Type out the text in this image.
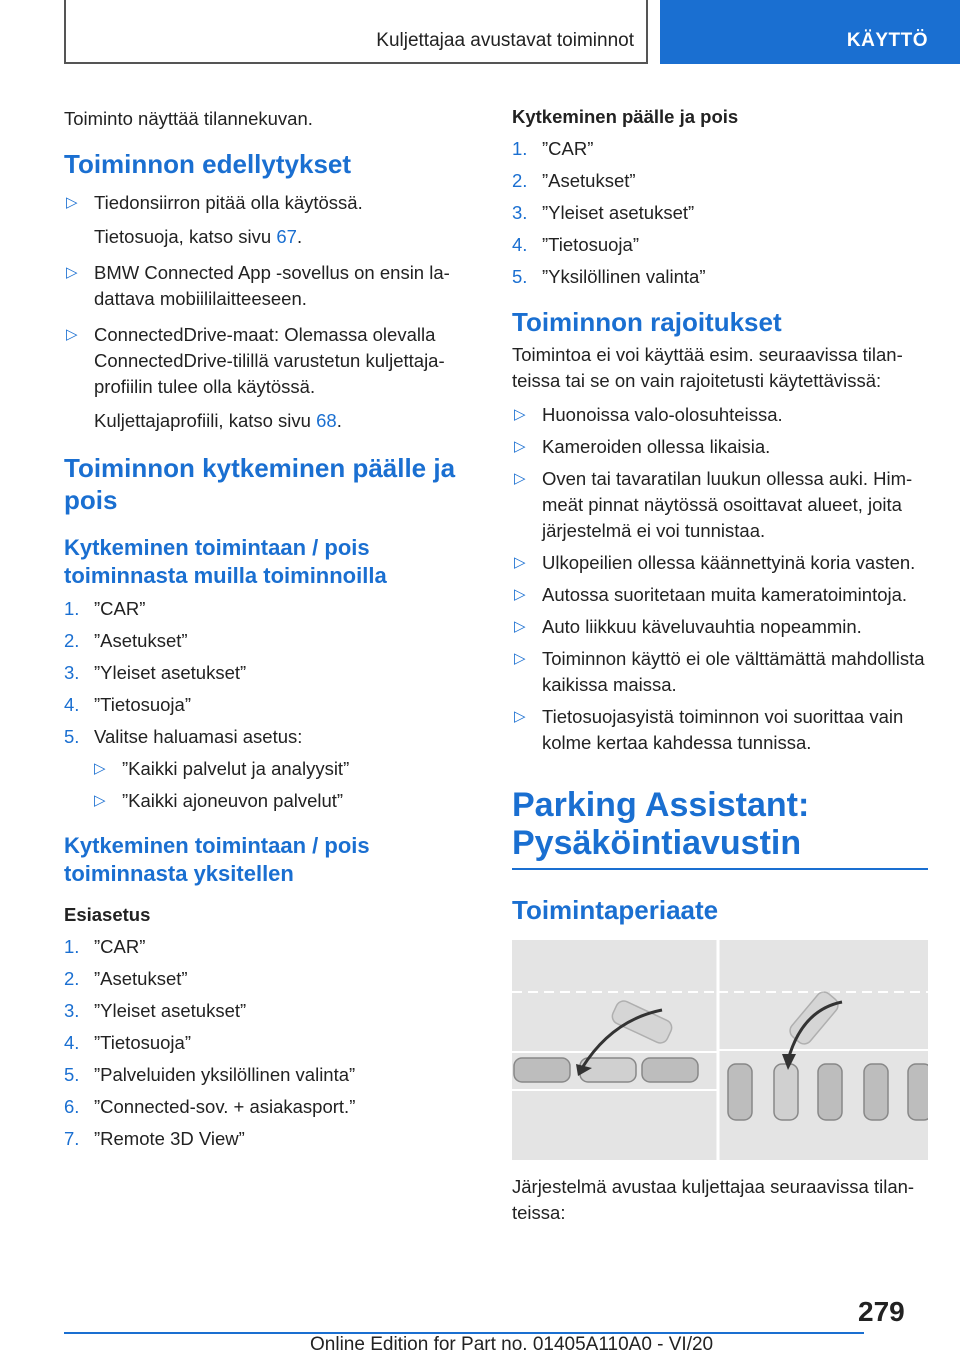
Kuljettajaa avustavat toiminnot	KÄYTTÖ

Toiminto näyttää tilannekuvan.

Toiminnon edellytykset

▷ Tiedonsiirron pitää olla käytössä.

Tietosuoja, katso sivu 67.

▷ BMW Connected App -sovellus on ensin ladattava mobiililaitteeseen.
▷ ConnectedDrive-maat: Olemassa olevalla ConnectedDrive-tilillä varustetun kuljettajaprofiilin tulee olla käytössä.

Kuljettajaprofiili, katso sivu 68.

Toiminnon kytkeminen päälle ja pois

Kytkeminen toimintaan / pois toiminnasta muilla toiminnoilla

1. ”CAR”
2. ”Asetukset”
3. ”Yleiset asetukset”
4. ”Tietosuoja”
5. Valitse haluamasi asetus:
▷ ”Kaikki palvelut ja analyysit”
▷ ”Kaikki ajoneuvon palvelut”

Kytkeminen toimintaan / pois toiminnasta yksitellen

Esiasetus

1. ”CAR”
2. ”Asetukset”
3. ”Yleiset asetukset”
4. ”Tietosuoja”
5. ”Palveluiden yksilöllinen valinta”
6. ”Connected-sov. + asiakasport.”
7. ”Remote 3D View”

Kytkeminen päälle ja pois

1. ”CAR”
2. ”Asetukset”
3. ”Yleiset asetukset”
4. ”Tietosuoja”
5. ”Yksilöllinen valinta”

Toiminnon rajoitukset

Toimintoa ei voi käyttää esim. seuraavissa tilanteissa tai se on vain rajoitetusti käytettävissä:

▷ Huonoissa valo-olosuhteissa.
▷ Kameroiden ollessa likaisia.
▷ Oven tai tavaratilan luukun ollessa auki. Himmeät pinnat näytössä osoittavat alueet, joita järjestelmä ei voi tunnistaa.
▷ Ulkopeilien ollessa käännettyinä koria vasten.
▷ Autossa suoritetaan muita kameratoimintoja.
▷ Auto liikkuu käveluvauhtia nopeammin.
▷ Toiminnon käyttö ei ole välttämättä mahdollista kaikissa maissa.
▷ Tietosuojasyistä toiminnon voi suorittaa vain kolme kertaa kahdessa tunnissa.

Parking Assistant: Pysäköintiavustin

Toimintaperiaate

Järjestelmä avustaa kuljettajaa seuraavissa tilanteissa:

279
Online Edition for Part no. 01405A110A0 - VI/20
